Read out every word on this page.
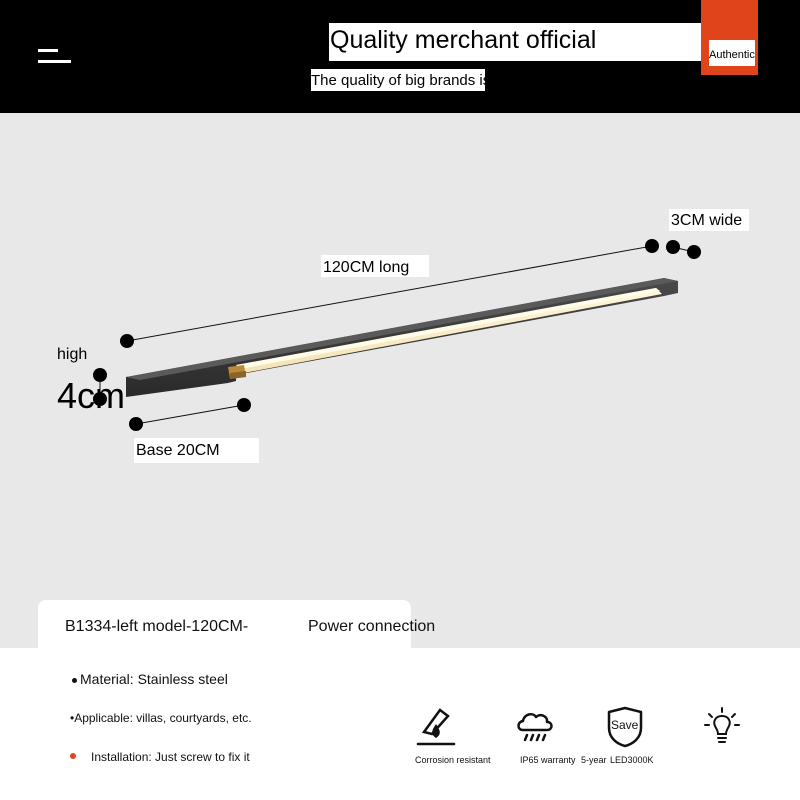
Quality merchant official
Authentic
The quality of big brands is
3CM wide
120CM long
high
4cm
Base 20CM
B1334-left model-120CM-	Power connection
Material: Stainless steel
•Applicable: villas, courtyards, etc.
Installation: Just screw to fix it	Corrosion resistant	IP65 warranty
Save
5-year LED3000K
